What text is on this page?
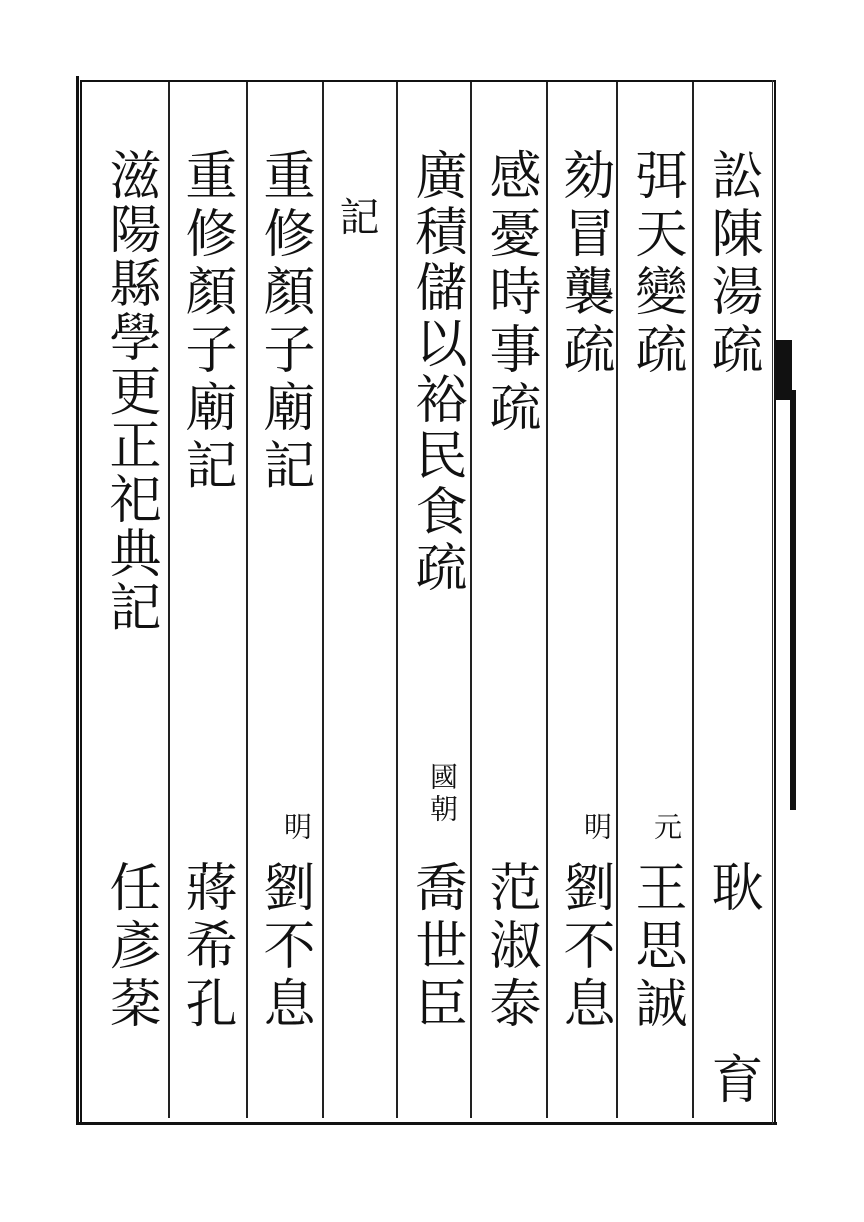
訟陳湯疏
耿 育
弭天變疏
元
王思誠
劾冒襲疏
明
劉不息
感憂時事疏
范淑泰
廣積儲以裕民食疏
國朝
喬世臣
記
重修顏子廟記
明
劉不息
重修顏子廟記
蔣希孔
滋陽縣學更正祀典記
任彥棻
